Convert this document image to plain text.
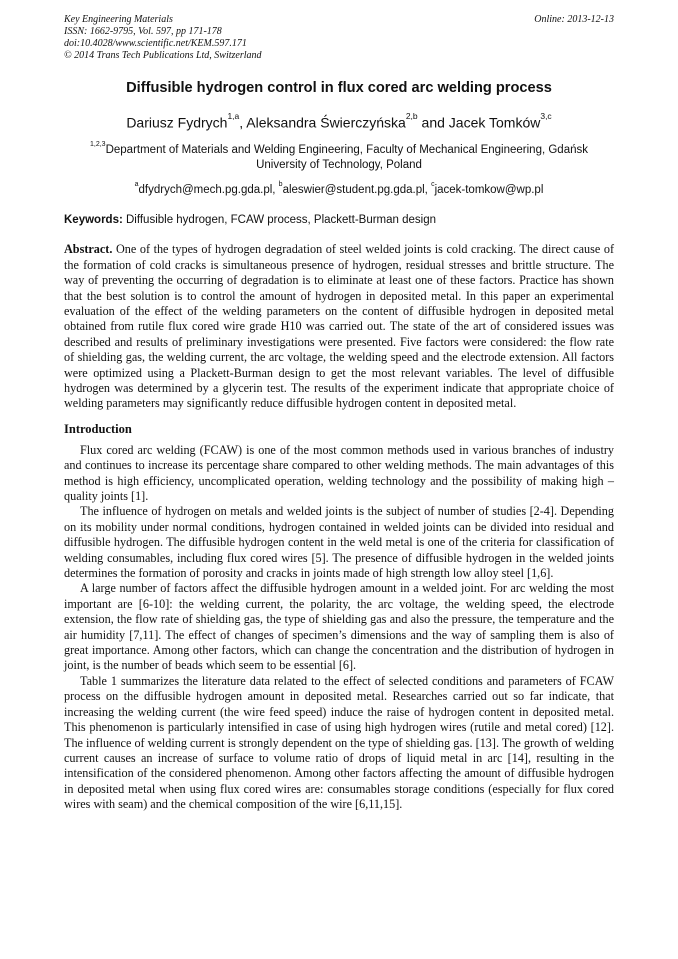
Key Engineering Materials
ISSN: 1662-9795, Vol. 597, pp 171-178
doi:10.4028/www.scientific.net/KEM.597.171
© 2014 Trans Tech Publications Ltd, Switzerland
Online: 2013-12-13
Diffusible hydrogen control in flux cored arc welding process
Dariusz Fydrych$^{1,a}$, Aleksandra Świerczyńska$^{2,b}$ and Jacek Tomków$^{3,c}$
$^{1,2,3}$Department of Materials and Welding Engineering, Faculty of Mechanical Engineering, Gdańsk
University of Technology, Poland
$^a$dfydrych@mech.pg.gda.pl, $^b$aleswier@student.pg.gda.pl, $^c$jacek-tomkow@wp.pl
Keywords: Diffusible hydrogen, FCAW process, Plackett-Burman design

Abstract. One of the types of hydrogen degradation of steel welded joints is cold cracking. The direct cause of the formation of cold cracks is simultaneous presence of hydrogen, residual stresses and brittle structure. The way of preventing the occurring of degradation is to eliminate at least one of these factors. Practice has shown that the best solution is to control the amount of hydrogen in deposited metal. In this paper an experimental evaluation of the effect of the welding parameters on the content of diffusible hydrogen in deposited metal obtained from rutile flux cored wire grade H10 was carried out. The state of the art of considered issues was described and results of preliminary investigations were presented. Five factors were considered: the flow rate of shielding gas, the welding current, the arc voltage, the welding speed and the electrode extension. All factors were optimized using a Plackett-Burman design to get the most relevant variables. The level of diffusible hydrogen was determined by a glycerin test. The results of the experiment indicate that appropriate choice of welding parameters may significantly reduce diffusible hydrogen content in deposited metal.

Introduction

Flux cored arc welding (FCAW) is one of the most common methods used in various branches of industry and continues to increase its percentage share compared to other welding methods. The main advantages of this method is high efficiency, uncomplicated operation, welding technology and the possibility of making high – quality joints [1].

The influence of hydrogen on metals and welded joints is the subject of number of studies [2-4]. Depending on its mobility under normal conditions, hydrogen contained in welded joints can be divided into residual and diffusible hydrogen. The diffusible hydrogen content in the weld metal is one of the criteria for classification of welding consumables, including flux cored wires [5]. The presence of diffusible hydrogen in the welded joints determines the formation of porosity and cracks in joints made of high strength low alloy steel [1,6].

A large number of factors affect the diffusible hydrogen amount in a welded joint. For arc welding the most important are [6-10]: the welding current, the polarity, the arc voltage, the welding speed, the electrode extension, the flow rate of shielding gas, the type of shielding gas and also the pressure, the temperature and the air humidity [7,11]. The effect of changes of specimen’s dimensions and the way of sampling them is also of great importance. Among other factors, which can change the concentration and the distribution of hydrogen in joint, is the number of beads which seem to be essential [6].

Table 1 summarizes the literature data related to the effect of selected conditions and parameters of FCAW process on the diffusible hydrogen amount in deposited metal. Researches carried out so far indicate, that increasing the welding current (the wire feed speed) induce the raise of hydrogen content in deposited metal. This phenomenon is particularly intensified in case of using high hydrogen wires (rutile and metal cored) [12]. The influence of welding current is strongly dependent on the type of shielding gas. [13]. The growth of welding current causes an increase of surface to volume ratio of drops of liquid metal in arc [14], resulting in the intensification of the considered phenomenon. Among other factors affecting the amount of diffusible hydrogen in deposited metal when using flux cored wires are: consumables storage conditions (especially for flux cored wires with seam) and the chemical composition of the wire [6,11,15].
